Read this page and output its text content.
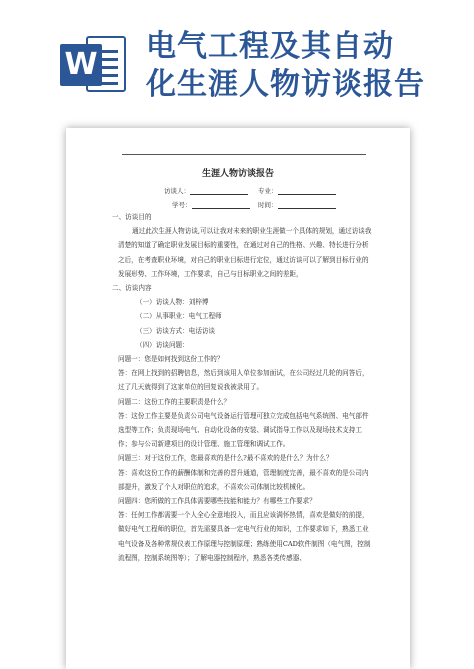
W
电气工程及其自动
化生涯人物访谈报告
生涯人物访谈报告
访谈人：	专业：
学号：	时间：

一、访谈目的

通过此次生涯人物访谈,可以让我对未来的职业生涯做一个具体的规划，通过访谈我清楚的知道了确定职业发展目标的重要性，在通过对自己的性格、兴趣、特长进行分析之后，在考查职业环境，对自己的职业目标进行定位，通过访谈可以了解到目标行业的发展形势、工作环境，工作要求，自己与目标职业之间的差距，

二、访谈内容

（一）访谈人物：刘梓博

（二）从事职业：电气工程师

（三）访谈方式：电话访谈

（四）访谈问题：

问题一：您是如何找到这份工作的？

答：在网上找到的招聘信息，然后到该用人单位参加面试，在公司经过几轮的问答后，过了几天就得到了这家单位的回复说我被录用了。

问题二：这份工作的主要职责是什么？

答：这份工作主要是负责公司电气设备运行管理可独立完成包括电气系统图、电气部件选型等工作；负责现场电气、自动化设备的安装、调试指导工作以及现场技术支持工作；参与公司新建项目的设计管理、施工管理和调试工作。

问题三：对于这份工作，您最喜欢的是什么?最不喜欢的是什么？为什么？

答：喜欢这份工作的薪酬体制和完善的晋升通道，管理制度完善，最不喜欢的是公司内部提升，激发了个人对职位的追求，不喜欢公司体制比较机械化。

问题四：您所做的工作具体需要哪些技能和能力？有哪些工作要求？

答：任何工作都需要一个人全心全意地投入，而且应该满怀热情，喜欢是做好的前提，做好电气工程师的职位，首先需要具备一定电气行业的知识，工作要求如下，熟悉工业电气设备及各种常规仪表工作原理与控制原理；熟练使用CAD软件制图（电气图，控制流程图，控制系统图等）；了解电器控制程序，熟悉各类传感器、
